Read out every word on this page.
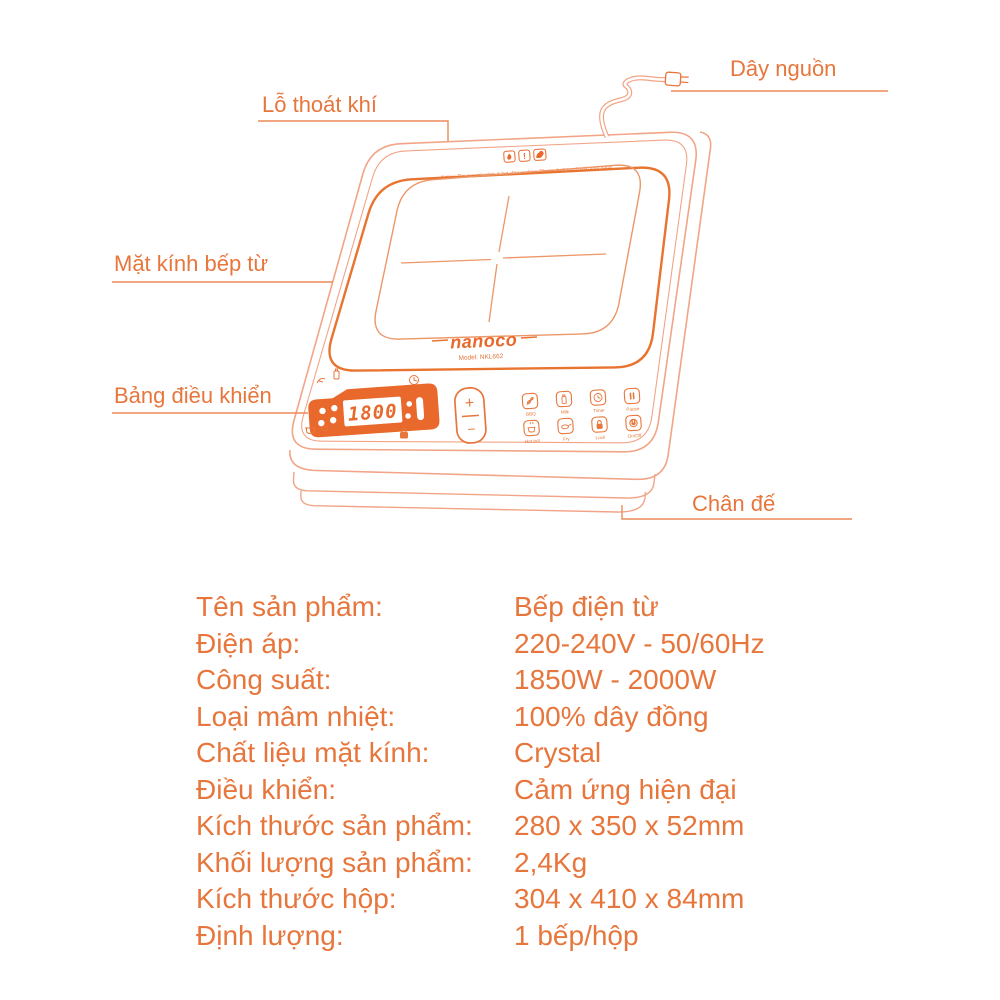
!
Notice: The ceramic plate is hot after cooking. Please don't touch with your hand!
nanoco
Model: NKL662
1800	+
−
BBQ	Milk	Timer	Pause
Hot pot	Fry	Lock	On/Off
Lỗ thoát khí
Dây nguồn
Mặt kính bếp từ
Bảng điều khiển
Chân đế
Tên sản phẩm:	Bếp điện từ
Điện áp:	220-240V - 50/60Hz
Công suất:	1850W - 2000W
Loại mâm nhiệt:	100% dây đồng
Chất liệu mặt kính:	Crystal
Điều khiển:	Cảm ứng hiện đại
Kích thước sản phẩm:	280 x 350 x 52mm
Khối lượng sản phẩm:	2,4Kg
Kích thước hộp:	304 x 410 x 84mm
Định lượng:	1 bếp/hộp
